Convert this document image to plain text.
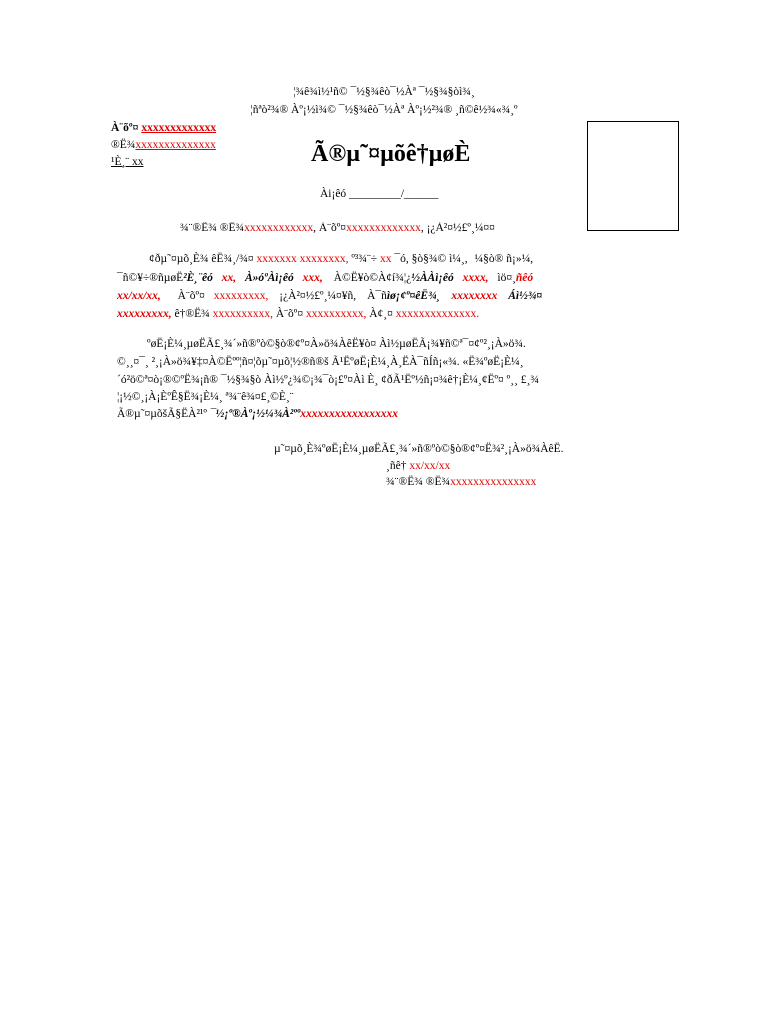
¦¾ê¾ì½¹ñ© ¯½§¾êò¯½Àª ¯½§¾§òì¾¸
¦ñªò²¾® Àº¡½ì¾© ¯½§¾êò¯½Àª Àº¡½²¾® ¸ñ©ê½¾«¾¸º
À¨õº¤ xxxxxxxxxxxxx
®Ë¾xxxxxxxxxxxxxx
¹È¸¨ xx	Ã®µ˜¤µõê†µøÈ
Ài¡êó _________/______
¾¨®Ë¾ ®Ë¾xxxxxxxxxxxx, À¨õº¤xxxxxxxxxxxxx, ¡¿À²¤½£º¸¼¤¤
¢ðµ˜¤µõ¸È¾ êË¾¸/¾¤ xxxxxxx xxxxxxxx, º³¾¨÷ xx ¯ó, §ò§¾© ì¼¸, ¼§ò® ñ¡»¼,
¯ñ©¥÷®ñµøË²È¸¨êó xx, À»óºÀì¡êó xxx, À©Ë¥ò©À¢í¾¦¿½ÀÀì¡êó xxxx, ìö¤¸ñêó
xx/xx/xx, À¨õº¤ xxxxxxxxx, ¡¿À²¤½£º¸¼¤¥ñ, À¯ñìø¡¢º¤êË¾¸ xxxxxxxx Áì½¾¤
xxxxxxxxx, ê†®Ë¾ xxxxxxxxxx, À¨õº¤ xxxxxxxxxx, À¢¸¤ xxxxxxxxxxxxxx.
ºøË¡È¼¸µøËÃ£¸¾´»ñ®ºò©§ò®¢º¤À»ö¾ÀêË¥ò¤ Àì½µøËÃ¡¾¥ñ©ª¯¤¢º²¸¡À»ö¾.
©¸¸¤¯¸ ²¸¡À»ö¾¥‡¤À©Ëºº¦ñ¤¦õµ˜¤µõ¦½®ñ®š Ã¹ËºøË¡È¼¸À¸ËÀ¯ñÍñ¡«¾. «Ë¾ºøË¡È¼¸
´ó²ö©ª¤ò¡®©ºË¾¡ñ® ¯½§¾§ò Àì½º¿¾©¡¾¯ò¡£º¤Àì È¸ ¢ðÃ¹Ëº½ñ¡¤¾ê†¡È¼¸¢Ëº¤ º¸¸ £¸¾
¦¡½©¸¡À¡ÈºÊ§Ë¾¡È¼¸ ª¾¨ê¾¤£¸©È¸¨
Ã®µ˜¤µõšÃ§ËÀ²¹º ¯½¡º®Àº¡½¼¾À²ººxxxxxxxxxxxxxxxxx
µ˜¤µõ¸È¾ºøË¡È¼¸µøËÃ£¸¾´»ñ®ºò©§ò®¢º¤Ë¾²¸¡À»ö¾ÀêË.
¸ñê† xx/xx/xx
¾¨®Ë¾ ®Ë¾xxxxxxxxxxxxxxx
